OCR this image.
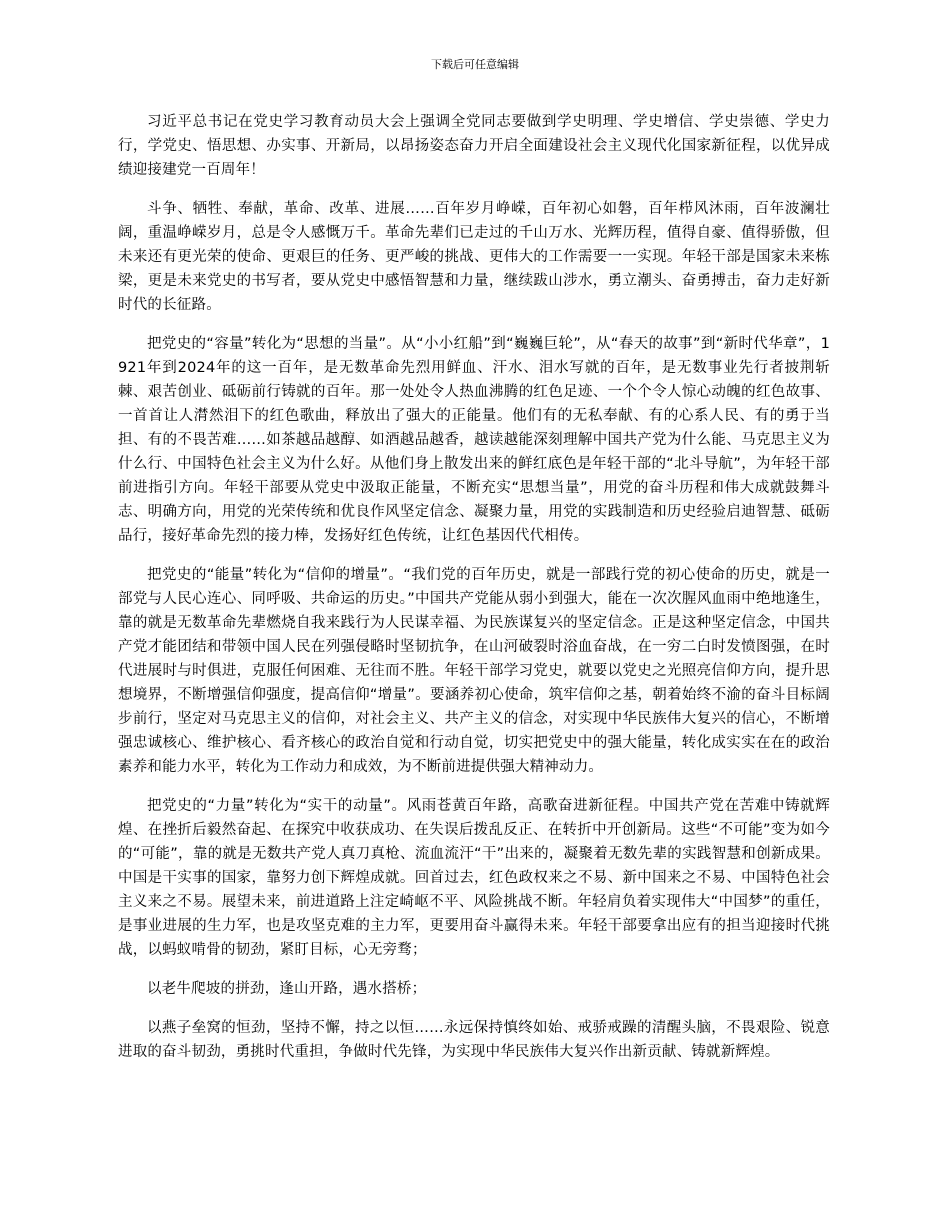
下载后可任意编辑

习近平总书记在党史学习教育动员大会上强调全党同志要做到学史明理、学史增信、学史崇德、学史力行，学党史、悟思想、办实事、开新局，以昂扬姿态奋力开启全面建设社会主义现代化国家新征程，以优异成绩迎接建党一百周年！

斗争、牺牲、奉献，革命、改革、进展……百年岁月峥嵘，百年初心如磐，百年栉风沐雨，百年波澜壮阔，重温峥嵘岁月，总是令人感慨万千。革命先辈们已走过的千山万水、光辉历程，值得自豪、值得骄傲，但未来还有更光荣的使命、更艰巨的任务、更严峻的挑战、更伟大的工作需要一一实现。年轻干部是国家未来栋梁，更是未来党史的书写者，要从党史中感悟智慧和力量，继续跋山涉水，勇立潮头、奋勇搏击，奋力走好新时代的长征路。

把党史的“容量”转化为“思想的当量”。从“小小红船”到“巍巍巨轮”，从“春天的故事”到“新时代华章”，1921年到2024年的这一百年，是无数革命先烈用鲜血、汗水、泪水写就的百年，是无数事业先行者披荆斩棘、艰苦创业、砥砺前行铸就的百年。那一处处令人热血沸腾的红色足迹、一个个令人惊心动魄的红色故事、一首首让人潸然泪下的红色歌曲，释放出了强大的正能量。他们有的无私奉献、有的心系人民、有的勇于当担、有的不畏苦难……如茶越品越醇、如酒越品越香，越读越能深刻理解中国共产党为什么能、马克思主义为什么行、中国特色社会主义为什么好。从他们身上散发出来的鲜红底色是年轻干部的“北斗导航”，为年轻干部前进指引方向。年轻干部要从党史中汲取正能量，不断充实“思想当量”，用党的奋斗历程和伟大成就鼓舞斗志、明确方向，用党的光荣传统和优良作风坚定信念、凝聚力量，用党的实践制造和历史经验启迪智慧、砥砺品行，接好革命先烈的接力棒，发扬好红色传统，让红色基因代代相传。

把党史的“能量”转化为“信仰的增量”。“我们党的百年历史，就是一部践行党的初心使命的历史，就是一部党与人民心连心、同呼吸、共命运的历史。”中国共产党能从弱小到强大，能在一次次腥风血雨中绝地逢生，靠的就是无数革命先辈燃烧自我来践行为人民谋幸福、为民族谋复兴的坚定信念。正是这种坚定信念，中国共产党才能团结和带领中国人民在列强侵略时坚韧抗争，在山河破裂时浴血奋战，在一穷二白时发愤图强，在时代进展时与时俱进，克服任何困难、无往而不胜。年轻干部学习党史，就要以党史之光照亮信仰方向，提升思想境界，不断增强信仰强度，提高信仰“增量”。要涵养初心使命，筑牢信仰之基，朝着始终不渝的奋斗目标阔步前行，坚定对马克思主义的信仰，对社会主义、共产主义的信念，对实现中华民族伟大复兴的信心，不断增强忠诚核心、维护核心、看齐核心的政治自觉和行动自觉，切实把党史中的强大能量，转化成实实在在的政治素养和能力水平，转化为工作动力和成效，为不断前进提供强大精神动力。

把党史的“力量”转化为“实干的动量”。风雨苍黄百年路，高歌奋进新征程。中国共产党在苦难中铸就辉煌、在挫折后毅然奋起、在探究中收获成功、在失误后拨乱反正、在转折中开创新局。这些“不可能”变为如今的“可能”，靠的就是无数共产党人真刀真枪、流血流汗“干”出来的，凝聚着无数先辈的实践智慧和创新成果。中国是干实事的国家，靠努力创下辉煌成就。回首过去，红色政权来之不易、新中国来之不易、中国特色社会主义来之不易。展望未来，前进道路上注定崎岖不平、风险挑战不断。年轻肩负着实现伟大“中国梦”的重任，是事业进展的生力军，也是攻坚克难的主力军，更要用奋斗赢得未来。年轻干部要拿出应有的担当迎接时代挑战，以蚂蚁啃骨的韧劲，紧盯目标，心无旁骛；

以老牛爬坡的拼劲，逢山开路，遇水搭桥；

以燕子垒窝的恒劲，坚持不懈，持之以恒……永远保持慎终如始、戒骄戒躁的清醒头脑，不畏艰险、锐意进取的奋斗韧劲，勇挑时代重担，争做时代先锋，为实现中华民族伟大复兴作出新贡献、铸就新辉煌。
